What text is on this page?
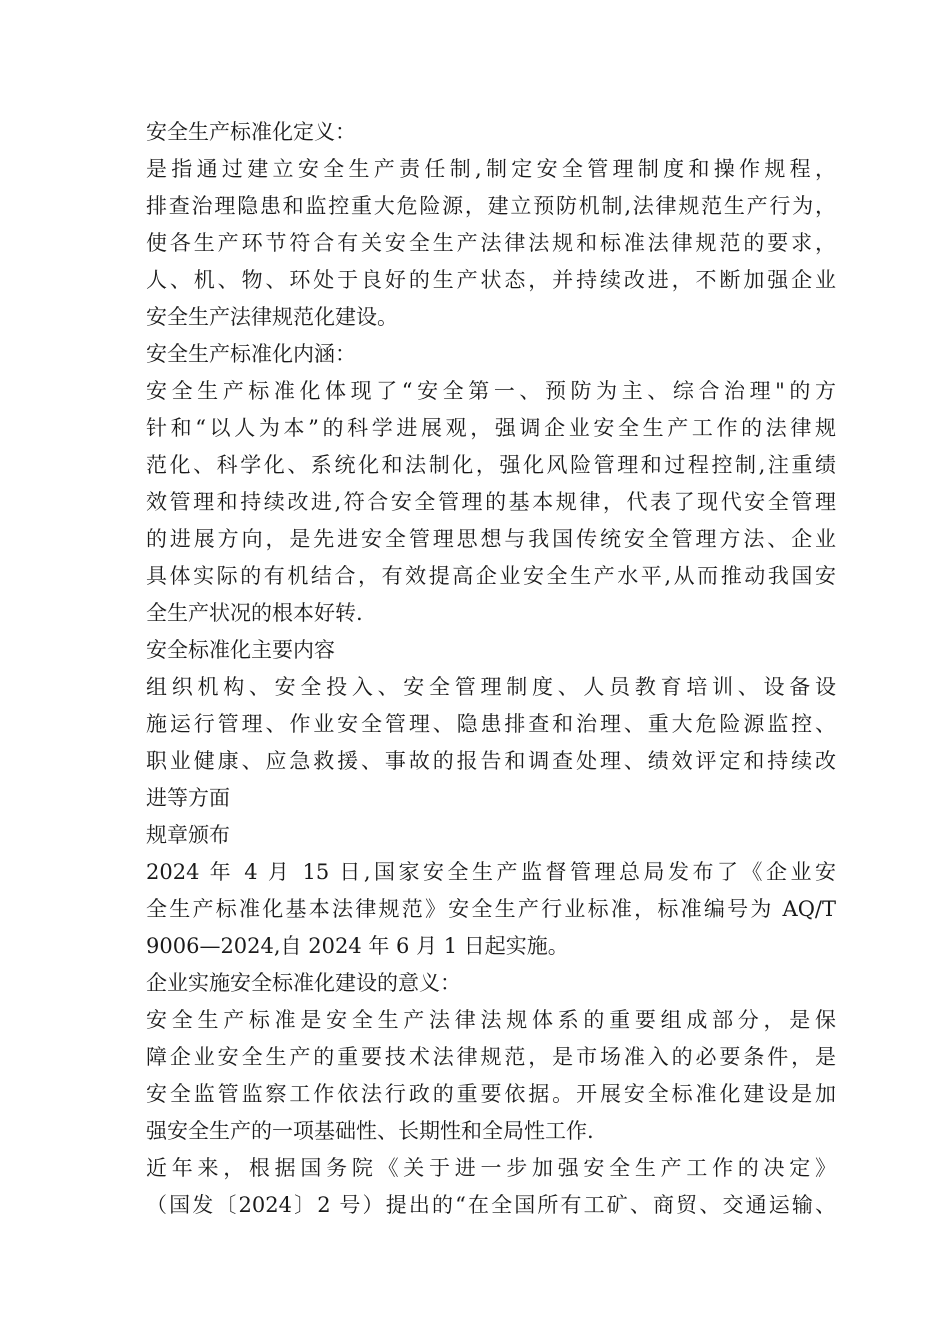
安全生产标准化定义：
是指通过建立安全生产责任制,制定安全管理制度和操作规程，
排查治理隐患和监控重大危险源，建立预防机制,法律规范生产行为，
使各生产环节符合有关安全生产法律法规和标准法律规范的要求，
人、机、物、环处于良好的生产状态，并持续改进，不断加强企业
安全生产法律规范化建设。
安全生产标准化内涵：
安全生产标准化体现了“安全第一、预防为主、综合治理"的方
针和“以人为本”的科学进展观，强调企业安全生产工作的法律规
范化、科学化、系统化和法制化，强化风险管理和过程控制,注重绩
效管理和持续改进,符合安全管理的基本规律，代表了现代安全管理
的进展方向，是先进安全管理思想与我国传统安全管理方法、企业
具体实际的有机结合，有效提高企业安全生产水平,从而推动我国安
全生产状况的根本好转.
安全标准化主要内容
组织机构、安全投入、安全管理制度、人员教育培训、设备设
施运行管理、作业安全管理、隐患排查和治理、重大危险源监控、
职业健康、应急救援、事故的报告和调查处理、绩效评定和持续改
进等方面
规章颁布
2024 年 4 月 15 日,国家安全生产监督管理总局发布了《企业安
全生产标准化基本法律规范》安全生产行业标准，标准编号为 AQ/T
9006—2024,自 2024 年 6 月 1 日起实施。
企业实施安全标准化建设的意义：
安全生产标准是安全生产法律法规体系的重要组成部分，是保
障企业安全生产的重要技术法律规范，是市场准入的必要条件，是
安全监管监察工作依法行政的重要依据。开展安全标准化建设是加
强安全生产的一项基础性、长期性和全局性工作.
近年来，根据国务院《关于进一步加强安全生产工作的决定》
（国发〔2024〕2 号）提出的“在全国所有工矿、商贸、交通运输、
